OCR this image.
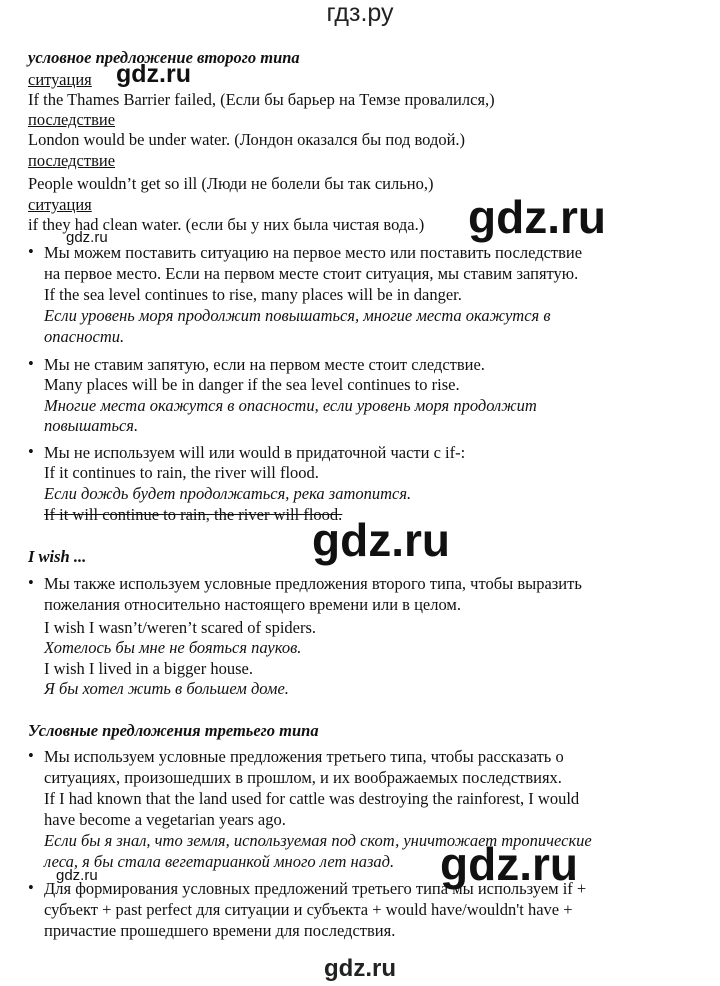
гдз.ру
условное предложение второго типа
ситуация
If the Thames Barrier failed, (Если бы барьер на Темзе провалился,)
последствие
London would be under water. (Лондон оказался бы под водой.)
последствие
People wouldn’t get so ill (Люди не болели бы так сильно,)
ситуация
if they had clean water. (если бы у них была чистая вода.)
• Мы можем поставить ситуацию на первое место или поставить последствие
на первое место. Если на первом месте стоит ситуация, мы ставим запятую.
If the sea level continues to rise, many places will be in danger.
Если уровень моря продолжит повышаться, многие места окажутся в
опасности.
• Мы не ставим запятую, если на первом месте стоит следствие.
Many places will be in danger if the sea level continues to rise.
Многие места окажутся в опасности, если уровень моря продолжит
повышаться.
• Мы не используем will или would в придаточной части с if-:
If it continues to rain, the river will flood.
Если дождь будет продолжаться, река затопится.
If it will continue to rain, the river will flood.
I wish ...
• Мы также используем условные предложения второго типа, чтобы выразить
пожелания относительно настоящего времени или в целом.
I wish I wasn’t/weren’t scared of spiders.
Хотелось бы мне не бояться пауков.
I wish I lived in a bigger house.
Я бы хотел жить в большем доме.
Условные предложения третьего типа
• Мы используем условные предложения третьего типа, чтобы рассказать о
ситуациях, произошедших в прошлом, и их воображаемых последствиях.
If I had known that the land used for cattle was destroying the rainforest, I would
have become a vegetarian years ago.
Если бы я знал, что земля, используемая под скот, уничтожает тропические
леса, я бы стала вегетарианкой много лет назад.
• Для формирования условных предложений третьего типа мы используем if +
субъект + past perfect для ситуации и субъекта + would have/wouldn't have +
причастие прошедшего времени для последствия.
gdz.ru
gdz.ru
gdz.ru
gdz.ru
gdz.ru
gdz.ru
gdz.ru
